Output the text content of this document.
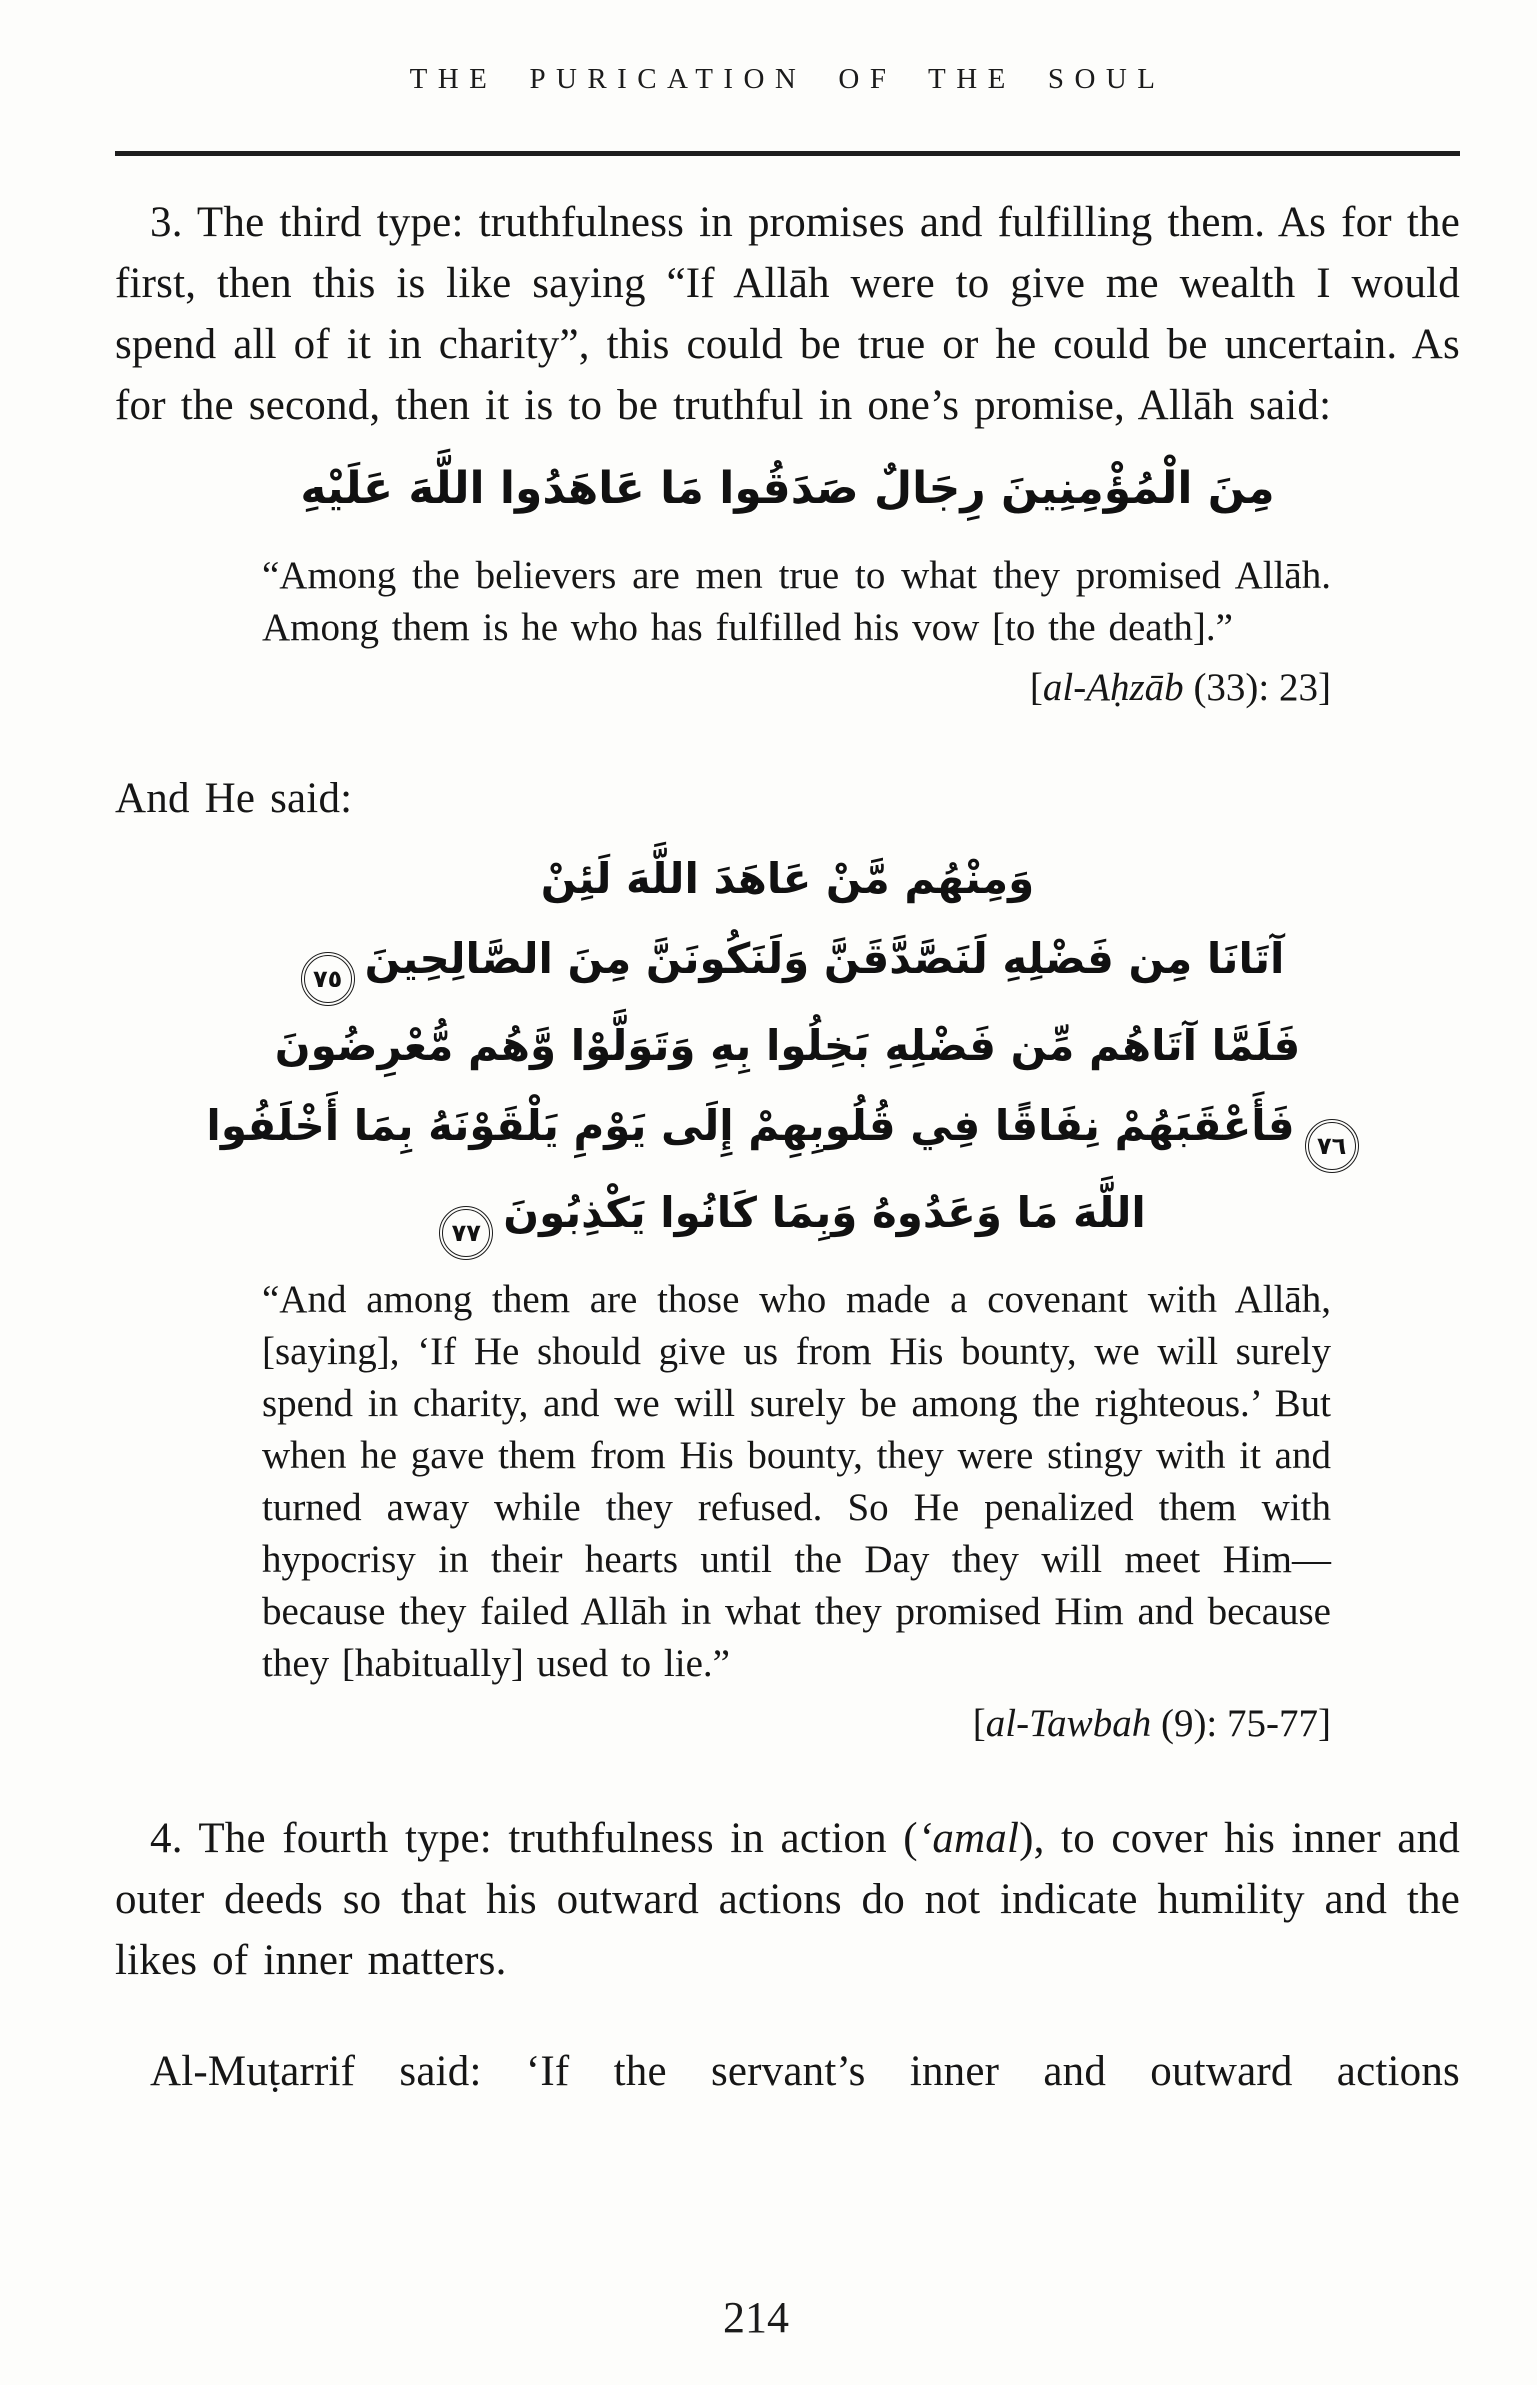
THE PURICATION OF THE SOUL

3. The third type: truthfulness in promises and fulfilling them. As for the first, then this is like saying “If Allāh were to give me wealth I would spend all of it in charity”, this could be true or he could be uncertain. As for the second, then it is to be truthful in one’s promise, Allāh said:

مِنَ الْمُؤْمِنِينَ رِجَالٌ صَدَقُوا مَا عَاهَدُوا اللَّهَ عَلَيْهِ
“Among the believers are men true to what they promised Allāh. Among them is he who has fulfilled his vow [to the death].”
[al-Aḥzāb (33): 23]

And He said:

وَمِنْهُم مَّنْ عَاهَدَ اللَّهَ لَئِنْ
آتَانَا مِن فَضْلِهِ لَنَصَّدَّقَنَّ وَلَنَكُونَنَّ مِنَ الصَّالِحِينَ٧٥
فَلَمَّا آتَاهُم مِّن فَضْلِهِ بَخِلُوا بِهِ وَتَوَلَّوْا وَّهُم مُّعْرِضُونَ
٧٦فَأَعْقَبَهُمْ نِفَاقًا فِي قُلُوبِهِمْ إِلَى يَوْمِ يَلْقَوْنَهُ بِمَا أَخْلَفُوا
اللَّهَ مَا وَعَدُوهُ وَبِمَا كَانُوا يَكْذِبُونَ٧٧
“And among them are those who made a covenant with Allāh, [saying], ‘If He should give us from His bounty, we will surely spend in charity, and we will surely be among the righteous.’ But when he gave them from His bounty, they were stingy with it and turned away while they refused. So He penalized them with hypocrisy in their hearts until the Day they will meet Him—because they failed Allāh in what they promised Him and because they [habitually] used to lie.”
[al-Tawbah (9): 75-77]

4. The fourth type: truthfulness in action (‘amal), to cover his inner and outer deeds so that his outward actions do not indicate humility and the likes of inner matters.

Al-Muṭarrif said: ‘If the servant’s inner and outward actions

214
